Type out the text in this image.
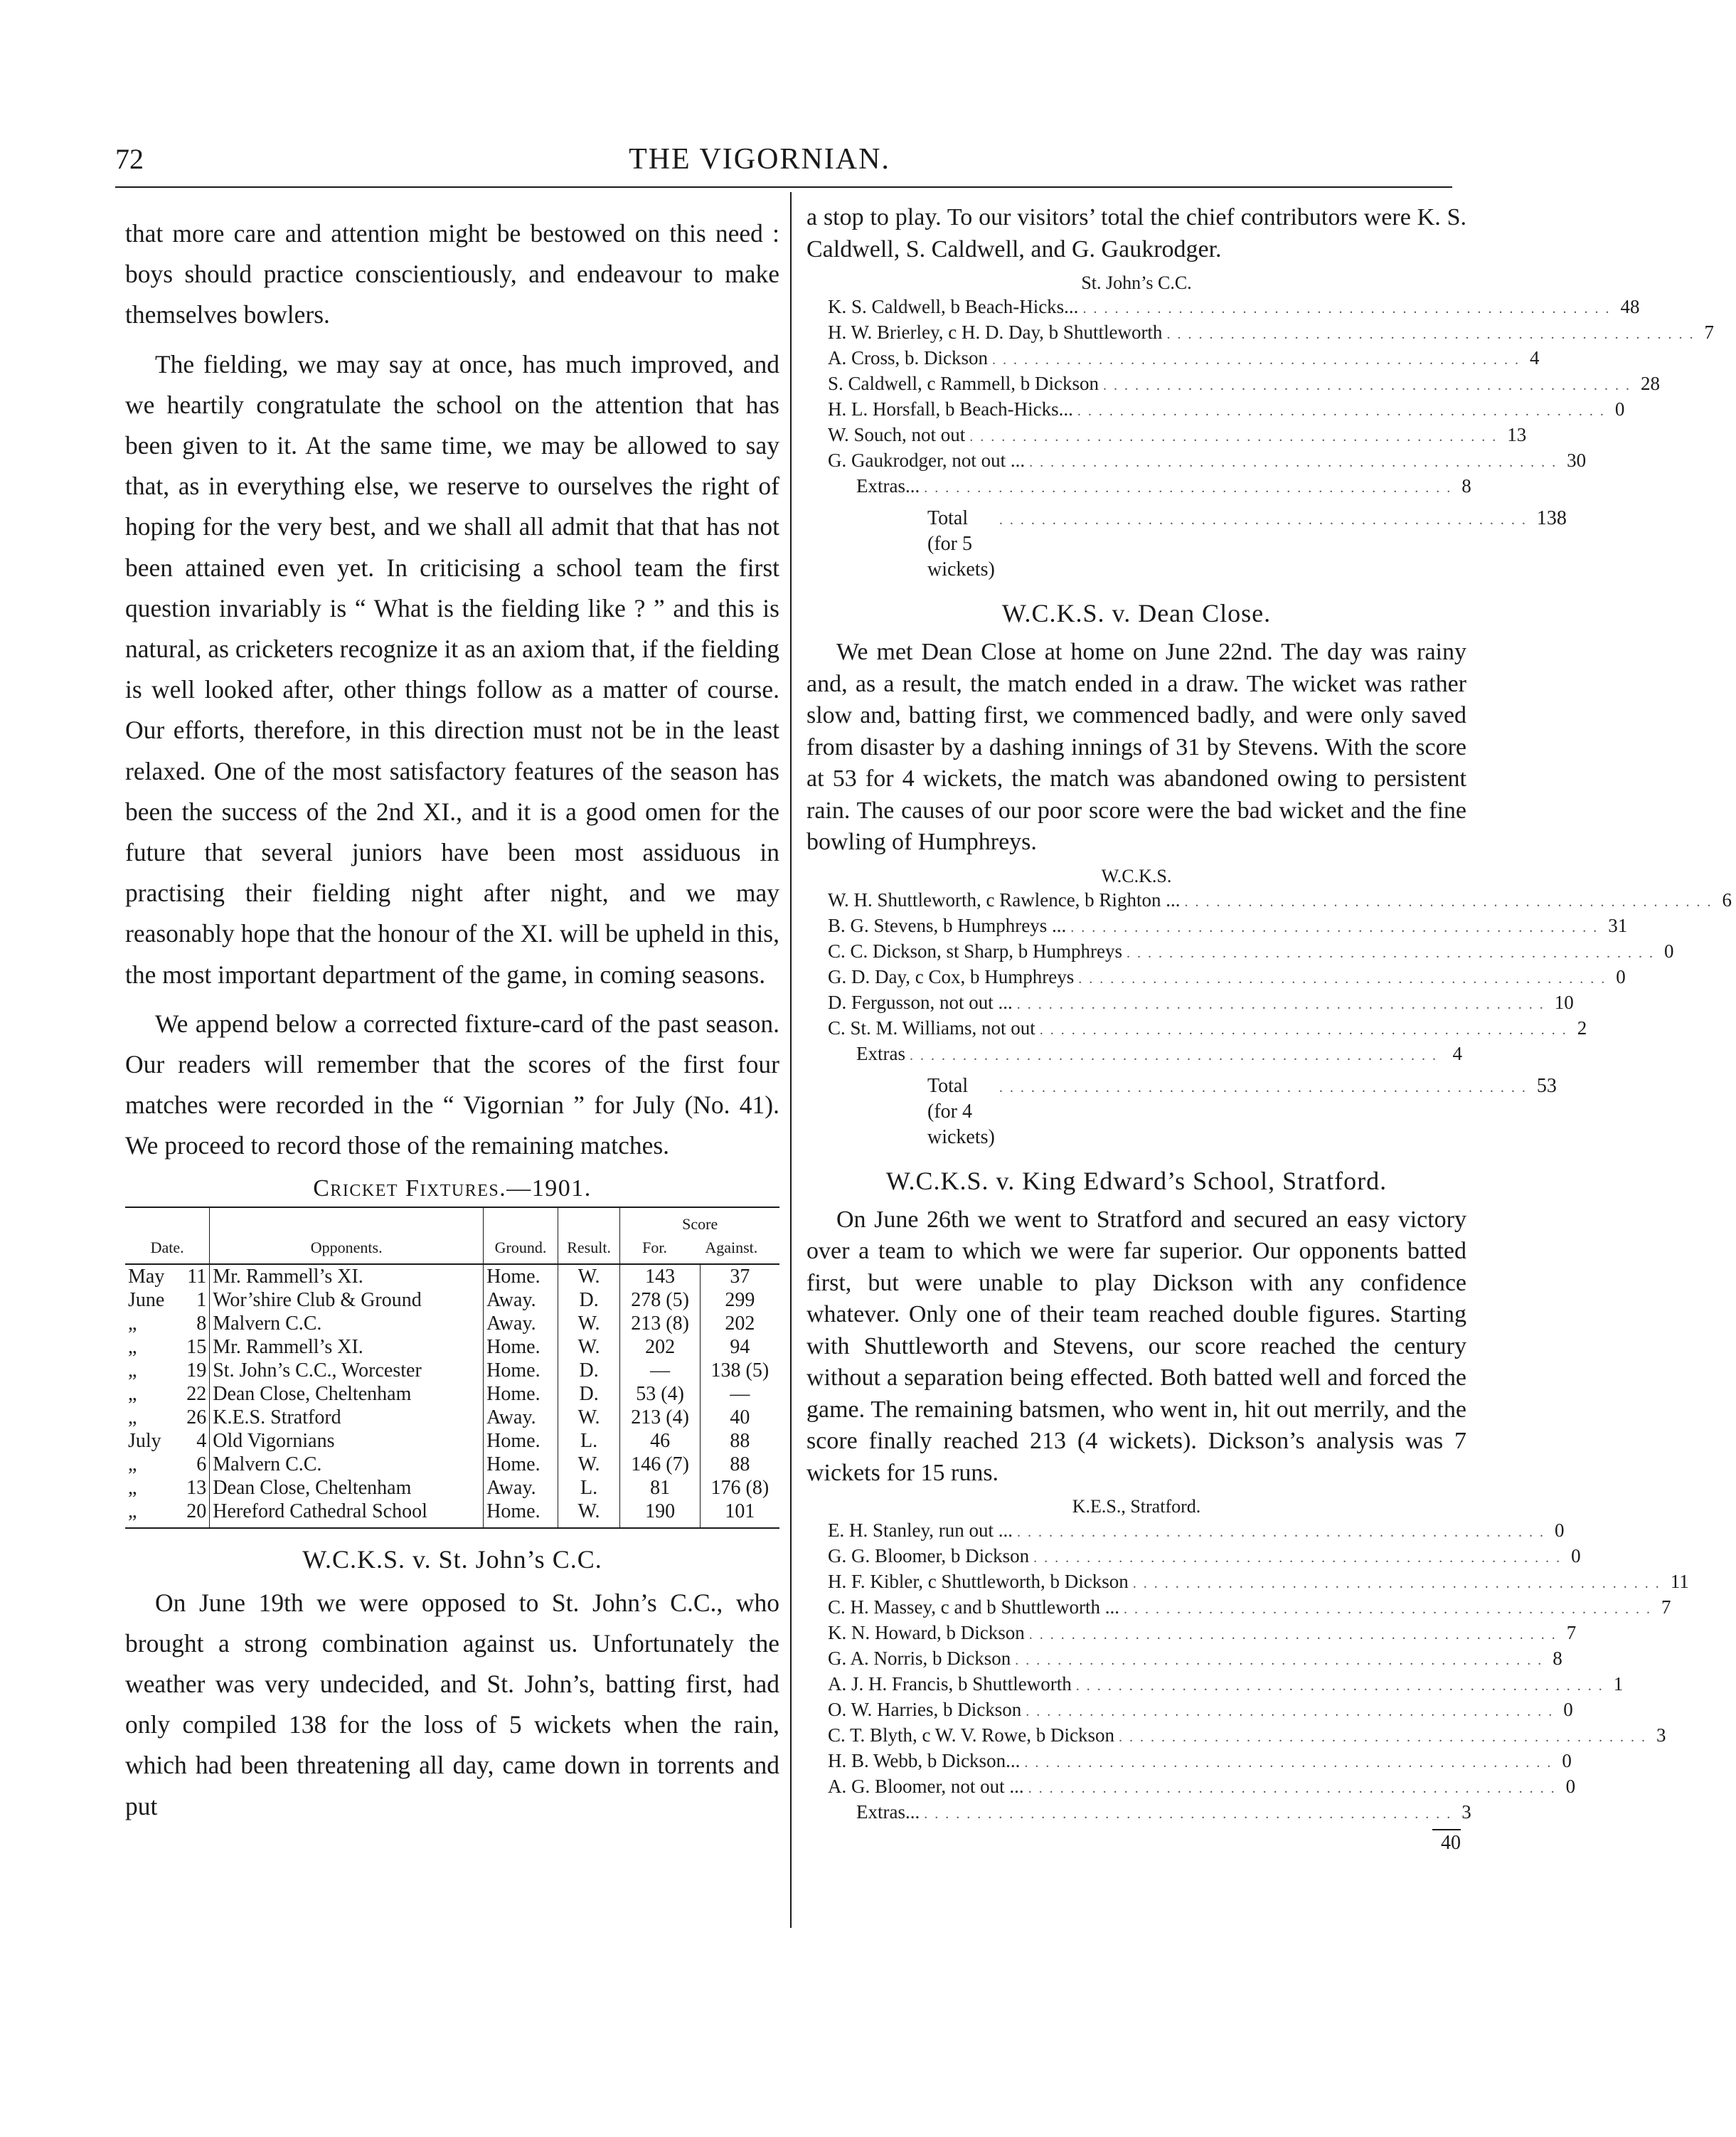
72	THE VIGORNIAN.

that more care and attention might be bestowed on this need : boys should practice conscientiously, and endeavour to make themselves bowlers.

The fielding, we may say at once, has much improved, and we heartily congratulate the school on the attention that has been given to it. At the same time, we may be allowed to say that, as in everything else, we reserve to ourselves the right of hoping for the very best, and we shall all admit that that has not been attained even yet. In criticising a school team the first question invariably is “ What is the fielding like ? ” and this is natural, as cricketers recognize it as an axiom that, if the fielding is well looked after, other things follow as a matter of course. Our efforts, therefore, in this direction must not be in the least relaxed. One of the most satisfactory features of the season has been the success of the 2nd XI., and it is a good omen for the future that several juniors have been most assiduous in practising their fielding night after night, and we may reasonably hope that the honour of the XI. will be upheld in this, the most important department of the game, in coming seasons.

We append below a corrected fixture-card of the past season. Our readers will remember that the scores of the first four matches were recorded in the “ Vigornian ” for July (No. 41). We proceed to record those of the remaining matches.

Cricket Fixtures.—1901.
Date.		Opponents.	Ground.	Result.	Score
For. Against.	

May	11	Mr. Rammell’s XI.	Home.	W.	143	37
June	1	Wor’shire Club & Ground	Away.	D.	278 (5)	299
„	8	Malvern C.C.	Away.	W.	213 (8)	202
„	15	Mr. Rammell’s XI.	Home.	W.	202	94
„	19	St. John’s C.C., Worcester	Home.	D.	—	138 (5)
„	22	Dean Close, Cheltenham	Home.	D.	53 (4)	—
„	26	K.E.S. Stratford	Away.	W.	213 (4)	40
July	4	Old Vigornians	Home.	L.	46	88
„	6	Malvern C.C.	Home.	W.	146 (7)	88
„	13	Dean Close, Cheltenham	Away.	L.	81	176 (8)
„	20	Hereford Cathedral School	Home.	W.	190	101
W.C.K.S. v. St. John’s C.C.

On June 19th we were opposed to St. John’s C.C., who brought a strong combination against us. Unfortunately the weather was very undecided, and St. John’s, batting first, had only compiled 138 for the loss of 5 wickets when the rain, which had been threatening all day, came down in torrents and put

a stop to play. To our visitors’ total the chief contributors were K. S. Caldwell, S. Caldwell, and G. Gaukrodger.

St. John’s C.C.
K. S. Caldwell, b Beach-Hicks... .................................................. 48
H. W. Brierley, c H. D. Day, b Shuttleworth .................................................. 7
A. Cross, b. Dickson .................................................. 4
S. Caldwell, c Rammell, b Dickson .................................................. 28
H. L. Horsfall, b Beach-Hicks... .................................................. 0
W. Souch, not out .................................................. 13
G. Gaukrodger, not out ... .................................................. 30
Extras... .................................................. 8
Total (for 5 wickets)
.................................................. 138
W.C.K.S. v. Dean Close.

We met Dean Close at home on June 22nd. The day was rainy and, as a result, the match ended in a draw. The wicket was rather slow and, batting first, we commenced badly, and were only saved from disaster by a dashing innings of 31 by Stevens. With the score at 53 for 4 wickets, the match was abandoned owing to persistent rain. The causes of our poor score were the bad wicket and the fine bowling of Humphreys.

W.C.K.S.
W. H. Shuttleworth, c Rawlence, b Righton ... .................................................. 6
B. G. Stevens, b Humphreys ... .................................................. 31
C. C. Dickson, st Sharp, b Humphreys .................................................. 0
G. D. Day, c Cox, b Humphreys .................................................. 0
D. Fergusson, not out ... .................................................. 10
C. St. M. Williams, not out .................................................. 2
Extras .................................................. 4
Total (for 4 wickets)
.................................................. 53
W.C.K.S. v. King Edward’s School, Stratford.

On June 26th we went to Stratford and secured an easy victory over a team to which we were far superior. Our opponents batted first, but were unable to play Dickson with any confidence whatever. Only one of their team reached double figures. Starting with Shuttleworth and Stevens, our score reached the century without a separation being effected. Both batted well and forced the game. The remaining batsmen, who went in, hit out merrily, and the score finally reached 213 (4 wickets). Dickson’s analysis was 7 wickets for 15 runs.

K.E.S., Stratford.
E. H. Stanley, run out ... .................................................. 0
G. G. Bloomer, b Dickson .................................................. 0
H. F. Kibler, c Shuttleworth, b Dickson .................................................. 11
C. H. Massey, c and b Shuttleworth ... .................................................. 7
K. N. Howard, b Dickson .................................................. 7
G. A. Norris, b Dickson .................................................. 8
A. J. H. Francis, b Shuttleworth .................................................. 1
O. W. Harries, b Dickson .................................................. 0
C. T. Blyth, c W. V. Rowe, b Dickson .................................................. 3
H. B. Webb, b Dickson... .................................................. 0
A. G. Bloomer, not out ... .................................................. 0
Extras... .................................................. 3
40
